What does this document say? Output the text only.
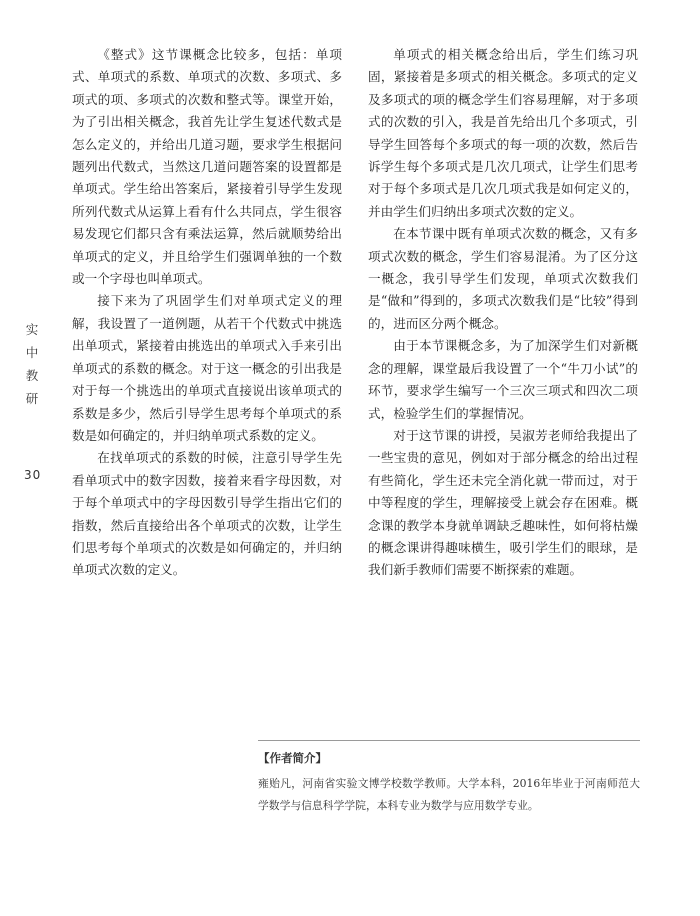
实
中
教
研
30

《整式》这节课概念比较多，包括：单项式、单项式的系数、单项式的次数、多项式、多项式的项、多项式的次数和整式等。课堂开始，为了引出相关概念，我首先让学生复述代数式是怎么定义的，并给出几道习题，要求学生根据问题列出代数式，当然这几道问题答案的设置都是单项式。学生给出答案后，紧接着引导学生发现所列代数式从运算上看有什么共同点，学生很容易发现它们都只含有乘法运算，然后就顺势给出单项式的定义，并且给学生们强调单独的一个数或一个字母也叫单项式。

接下来为了巩固学生们对单项式定义的理解，我设置了一道例题，从若干个代数式中挑选出单项式，紧接着由挑选出的单项式入手来引出单项式的系数的概念。对于这一概念的引出我是对于每一个挑选出的单项式直接说出该单项式的系数是多少，然后引导学生思考每个单项式的系数是如何确定的，并归纳单项式系数的定义。

在找单项式的系数的时候，注意引导学生先看单项式中的数字因数，接着来看字母因数，对于每个单项式中的字母因数引导学生指出它们的指数，然后直接给出各个单项式的次数，让学生们思考每个单项式的次数是如何确定的，并归纳单项式次数的定义。

单项式的相关概念给出后，学生们练习巩固，紧接着是多项式的相关概念。多项式的定义及多项式的项的概念学生们容易理解，对于多项式的次数的引入，我是首先给出几个多项式，引导学生回答每个多项式的每一项的次数，然后告诉学生每个多项式是几次几项式，让学生们思考对于每个多项式是几次几项式我是如何定义的，并由学生们归纳出多项式次数的定义。

在本节课中既有单项式次数的概念，又有多项式次数的概念，学生们容易混淆。为了区分这一概念，我引导学生们发现，单项式次数我们是“做和”得到的，多项式次数我们是“比较”得到的，进而区分两个概念。

由于本节课概念多，为了加深学生们对新概念的理解，课堂最后我设置了一个“牛刀小试”的环节，要求学生编写一个三次三项式和四次二项式，检验学生们的掌握情况。

对于这节课的讲授，吴淑芳老师给我提出了一些宝贵的意见，例如对于部分概念的给出过程有些简化，学生还未完全消化就一带而过，对于中等程度的学生，理解接受上就会存在困难。概念课的教学本身就单调缺乏趣味性，如何将枯燥的概念课讲得趣味横生，吸引学生们的眼球，是我们新手教师们需要不断探索的难题。

【作者简介】
雍贻凡，河南省实验文博学校数学教师。大学本科，2016年毕业于河南师范大学数学与信息科学学院，本科专业为数学与应用数学专业。
